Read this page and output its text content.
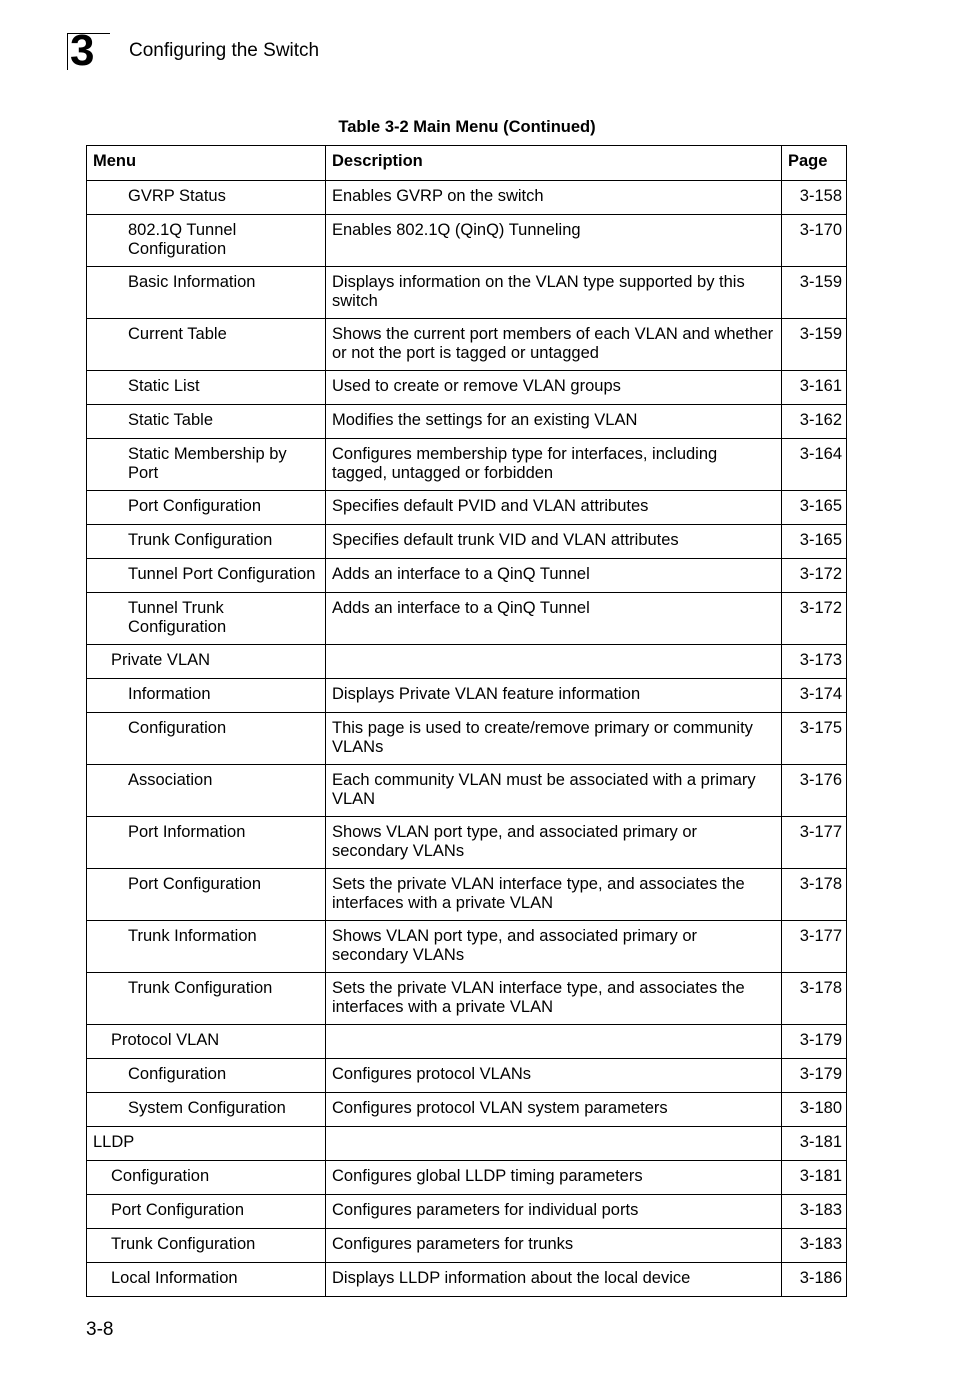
3 Configuring the Switch
Table 3-2 Main Menu (Continued)
Menu	Description	Page
GVRP Status	Enables GVRP on the switch	3-158
802.1Q Tunnel Configuration	Enables 802.1Q (QinQ) Tunneling	3-170
Basic Information	Displays information on the VLAN type supported by this switch	3-159
Current Table	Shows the current port members of each VLAN and whether or not the port is tagged or untagged	3-159
Static List	Used to create or remove VLAN groups	3-161
Static Table	Modifies the settings for an existing VLAN	3-162
Static Membership by Port	Configures membership type for interfaces, including tagged, untagged or forbidden	3-164
Port Configuration	Specifies default PVID and VLAN attributes	3-165
Trunk Configuration	Specifies default trunk VID and VLAN attributes	3-165
Tunnel Port Configuration	Adds an interface to a QinQ Tunnel	3-172
Tunnel Trunk Configuration	Adds an interface to a QinQ Tunnel	3-172
Private VLAN		3-173
Information	Displays Private VLAN feature information	3-174
Configuration	This page is used to create/remove primary or community VLANs	3-175
Association	Each community VLAN must be associated with a primary VLAN	3-176
Port Information	Shows VLAN port type, and associated primary or secondary VLANs	3-177
Port Configuration	Sets the private VLAN interface type, and associates the interfaces with a private VLAN	3-178
Trunk Information	Shows VLAN port type, and associated primary or secondary VLANs	3-177
Trunk Configuration	Sets the private VLAN interface type, and associates the interfaces with a private VLAN	3-178
Protocol VLAN		3-179
Configuration	Configures protocol VLANs	3-179
System Configuration	Configures protocol VLAN system parameters	3-180
LLDP		3-181
Configuration	Configures global LLDP timing parameters	3-181
Port Configuration	Configures parameters for individual ports	3-183
Trunk Configuration	Configures parameters for trunks	3-183
Local Information	Displays LLDP information about the local device	3-186
3-8
